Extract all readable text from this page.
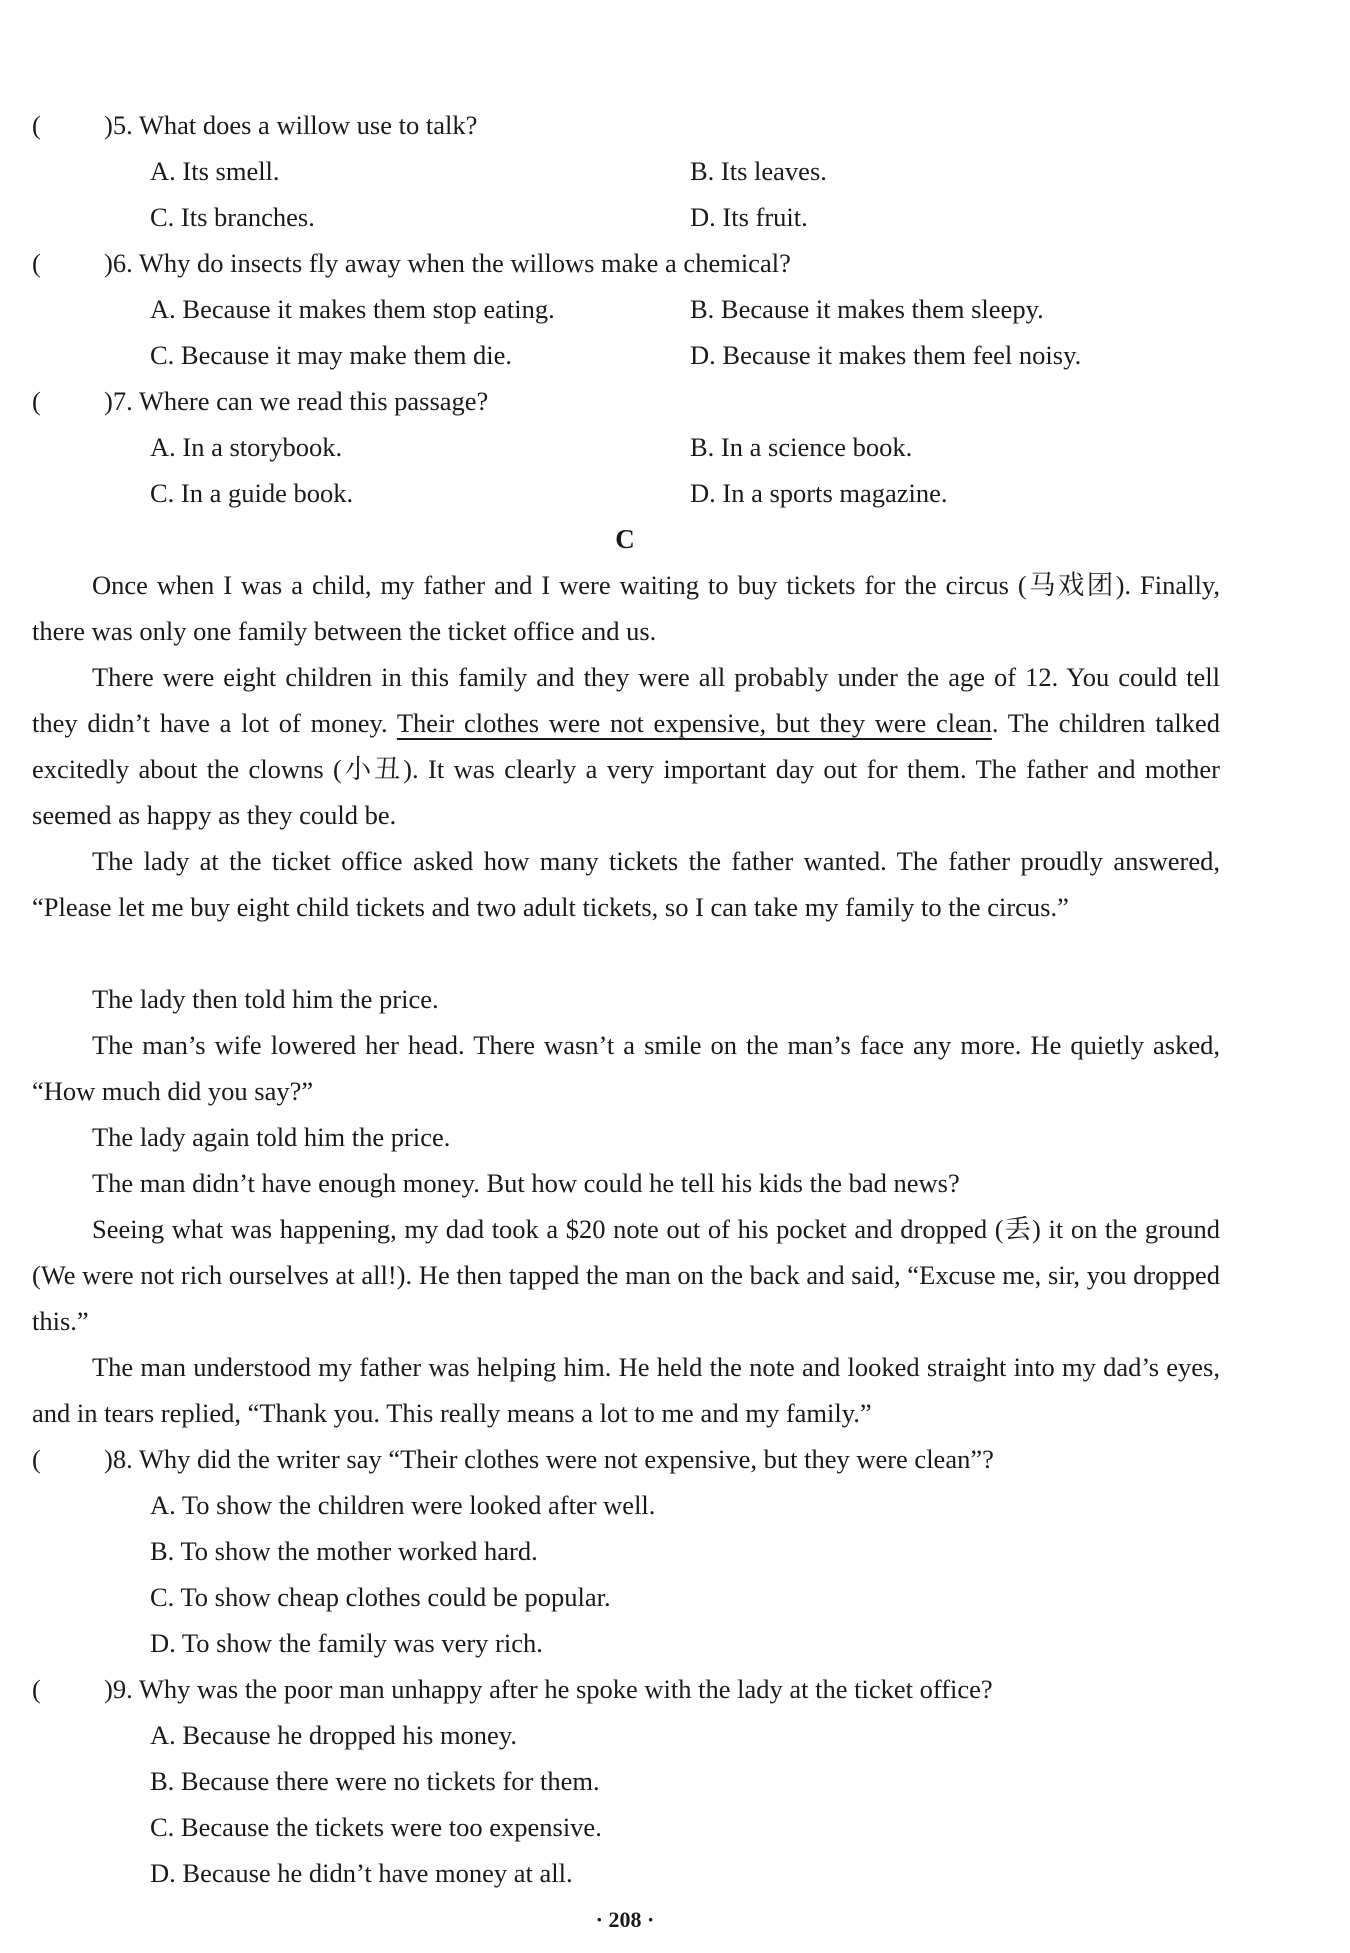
( )5. What does a willow use to talk?
A. Its smell.	B. Its leaves.
C. Its branches.	D. Its fruit.
( )6. Why do insects fly away when the willows make a chemical?
A. Because it makes them stop eating.	B. Because it makes them sleepy.
C. Because it may make them die.	D. Because it makes them feel noisy.
( )7. Where can we read this passage?
A. In a storybook.	B. In a science book.
C. In a guide book.	D. In a sports magazine.
C
Once when I was a child, my father and I were waiting to buy tickets for the circus (马戏团). Finally, there was only one family between the ticket office and us.
There were eight children in this family and they were all probably under the age of 12. You could tell they didn’t have a lot of money. Their clothes were not expensive, but they were clean. The children talked excitedly about the clowns (小丑). It was clearly a very important day out for them. The father and mother seemed as happy as they could be.
The lady at the ticket office asked how many tickets the father wanted. The father proudly answered, “Please let me buy eight child tickets and two adult tickets, so I can take my family to the circus.”
The lady then told him the price.
The man’s wife lowered her head. There wasn’t a smile on the man’s face any more. He quietly asked, “How much did you say?”
The lady again told him the price.
The man didn’t have enough money. But how could he tell his kids the bad news?
Seeing what was happening, my dad took a $20 note out of his pocket and dropped (丢) it on the ground (We were not rich ourselves at all!). He then tapped the man on the back and said, “Excuse me, sir, you dropped this.”
The man understood my father was helping him. He held the note and looked straight into my dad’s eyes, and in tears replied, “Thank you. This really means a lot to me and my family.”
( )8. Why did the writer say “Their clothes were not expensive, but they were clean”?
A. To show the children were looked after well.
B. To show the mother worked hard.
C. To show cheap clothes could be popular.
D. To show the family was very rich.
( )9. Why was the poor man unhappy after he spoke with the lady at the ticket office?
A. Because he dropped his money.
B. Because there were no tickets for them.
C. Because the tickets were too expensive.
D. Because he didn’t have money at all.
· 208 ·
